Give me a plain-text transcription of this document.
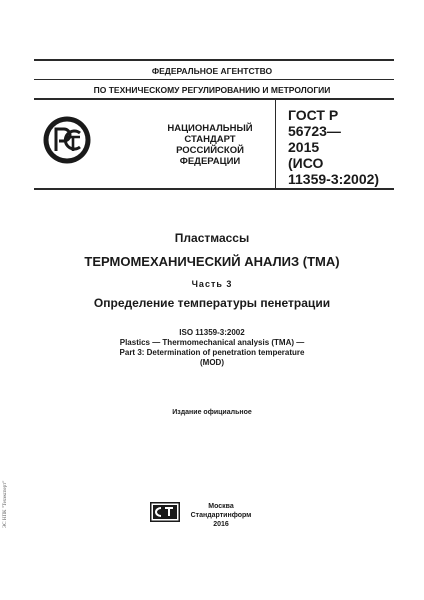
ФЕДЕРАЛЬНОЕ АГЕНТСТВО
ПО ТЕХНИЧЕСКОМУ РЕГУЛИРОВАНИЮ И МЕТРОЛОГИИ
НАЦИОНАЛЬНЫЙ
СТАНДАРТ
РОССИЙСКОЙ
ФЕДЕРАЦИИ
ГОСТ Р
56723—
2015
(ИСО
11359-3:2002)
Пластмассы
ТЕРМОМЕХАНИЧЕСКИЙ АНАЛИЗ (ТМА)
Часть 3
Определение температуры пенетрации
ISO 11359-3:2002
Plastics — Thermomechanical analysis (TMA) —
Part 3: Determination of penetration temperature
(MOD)
Издание официальное
Москва
Стандартинформ
2016
ЭС НПК "Техэксперт"
